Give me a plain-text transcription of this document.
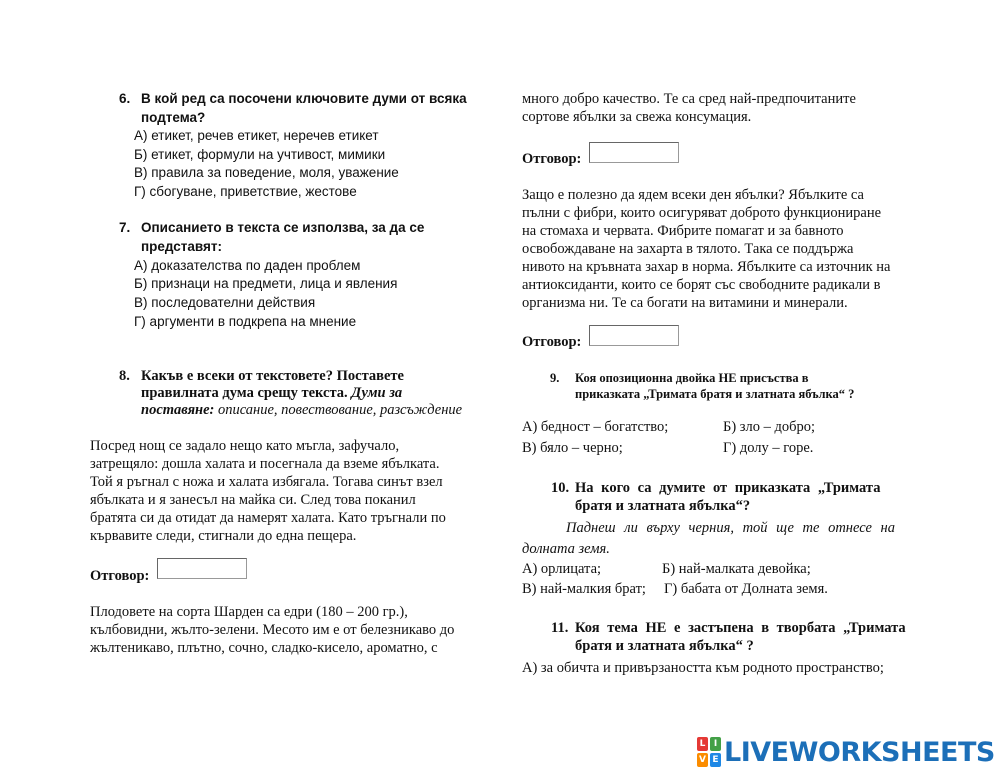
6. В кой ред са посочени ключовите думи от всяка
подтема?
А) етикет, речев етикет, неречев етикет
Б) етикет, формули на учтивост, мимики
В) правила за поведение, моля, уважение
Г) сбогуване, приветствие, жестове
7. Описанието в текста се използва, за да се
представят:
А) доказателства по даден проблем
Б) признаци на предмети, лица и явления
В) последователни действия
Г) аргументи в подкрепа на мнение
8. Какъв е всеки от текстовете? Поставете
правилната дума срещу текста. Думи за
поставяне: описание, повествование, разсъждение
Посред нощ се задало нещо като мъгла, зафучало,
затрещяло: дошла халата и посегнала да вземе ябълката.
Той я ръгнал с ножа и халата избягала. Тогава синът взел
ябълката и я занесъл на майка си. След това поканил
братята си да отидат да намерят халата. Като тръгнали по
кървавите следи, стигнали до една пещера.
Отговор:
Плодовете на сорта Шарден са едри (180 – 200 гр.),
кълбовидни, жълто-зелени. Месото им е от белезникаво до
жълтеникаво, плътно, сочно, сладко-кисело, ароматно, с
много добро качество. Те са сред най-предпочитаните
сортове ябълки за свежа консумация.
Отговор:
Защо е полезно да ядем всеки ден ябълки? Ябълките са
пълни с фибри, които осигуряват доброто функциониране
на стомаха и червата. Фибрите помагат и за бавното
освобождаване на захарта в тялото. Така се поддържа
нивото на кръвната захар в норма. Ябълките са източник на
антиоксиданти, които се борят със свободните радикали в
организма ни. Те са богати на витамини и минерали.
Отговор:
9. Коя опозиционна двойка НЕ присъства в
приказката „Тримата братя и златната ябълка“ ?
А) бедност – богатство;	Б) зло – добро;
В) бяло – черно;	Г) долу – горе.
10. На кого са думите от приказката „Тримата
братя и златната ябълка“?
Паднеш ли върху черния, той ще те отнесе на
долната земя.
А) орлицата;	Б) най-малката девойка;
В) най-малкия брат; Г) бабата от Долната земя.
11. Коя тема НЕ е застъпена в творбата „Тримата
братя и златната ябълка“ ?
А) за обичта и привързаността към родното пространство;
L I
V E LIVEWORKSHEETS
